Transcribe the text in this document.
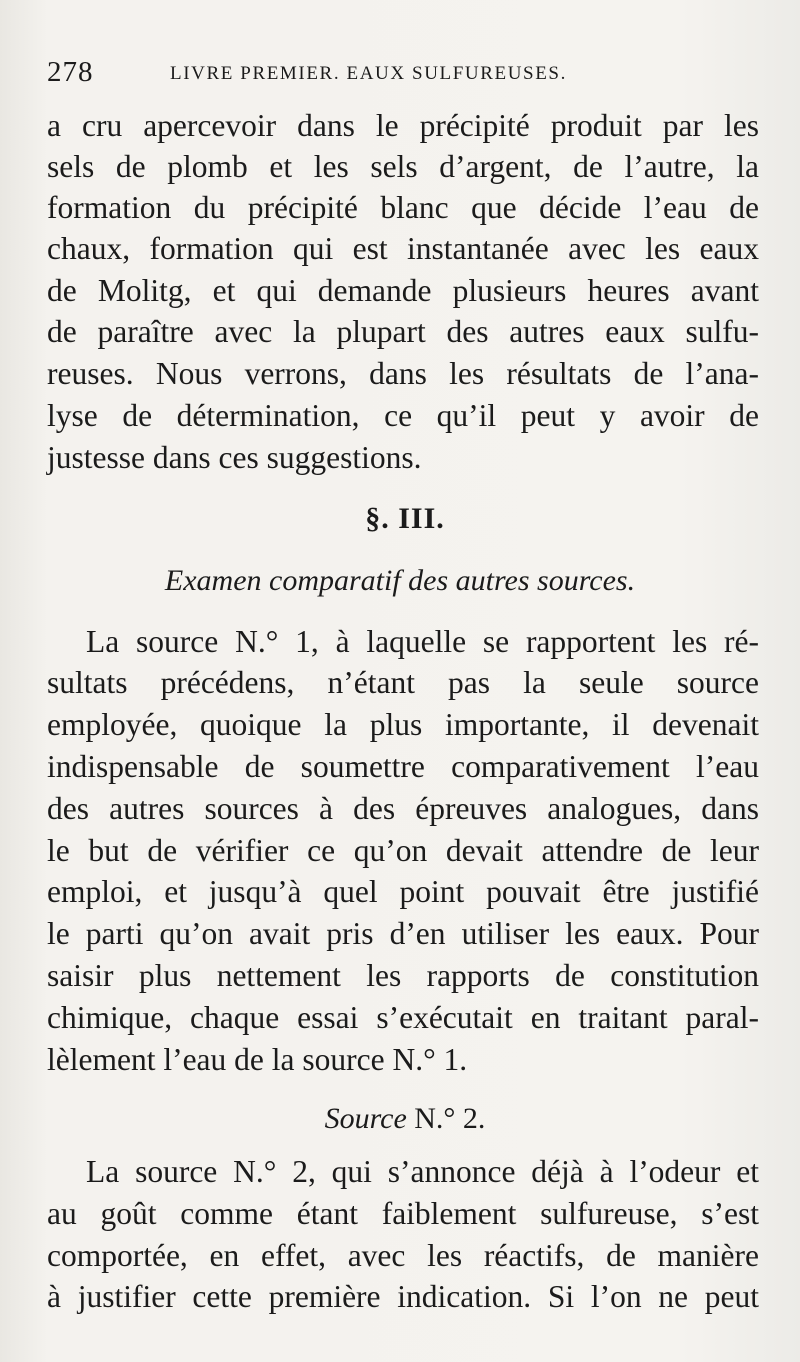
278	LIVRE PREMIER. EAUX SULFUREUSES.
a cru apercevoir dans le précipité produit par les
sels de plomb et les sels d’argent, de l’autre, la
formation du précipité blanc que décide l’eau de
chaux, formation qui est instantanée avec les eaux
de Molitg, et qui demande plusieurs heures avant
de paraître avec la plupart des autres eaux sulfu-
reuses. Nous verrons, dans les résultats de l’ana-
lyse de détermination, ce qu’il peut y avoir de
justesse dans ces suggestions.
§. III.
Examen comparatif des autres sources.
La source N.° 1, à laquelle se rapportent les ré-
sultats précédens, n’étant pas la seule source
employée, quoique la plus importante, il devenait
indispensable de soumettre comparativement l’eau
des autres sources à des épreuves analogues, dans
le but de vérifier ce qu’on devait attendre de leur
emploi, et jusqu’à quel point pouvait être justifié
le parti qu’on avait pris d’en utiliser les eaux. Pour
saisir plus nettement les rapports de constitution
chimique, chaque essai s’exécutait en traitant paral-
lèlement l’eau de la source N.° 1.
Source N.° 2.
La source N.° 2, qui s’annonce déjà à l’odeur et
au goût comme étant faiblement sulfureuse, s’est
comportée, en effet, avec les réactifs, de manière
à justifier cette première indication. Si l’on ne peut
